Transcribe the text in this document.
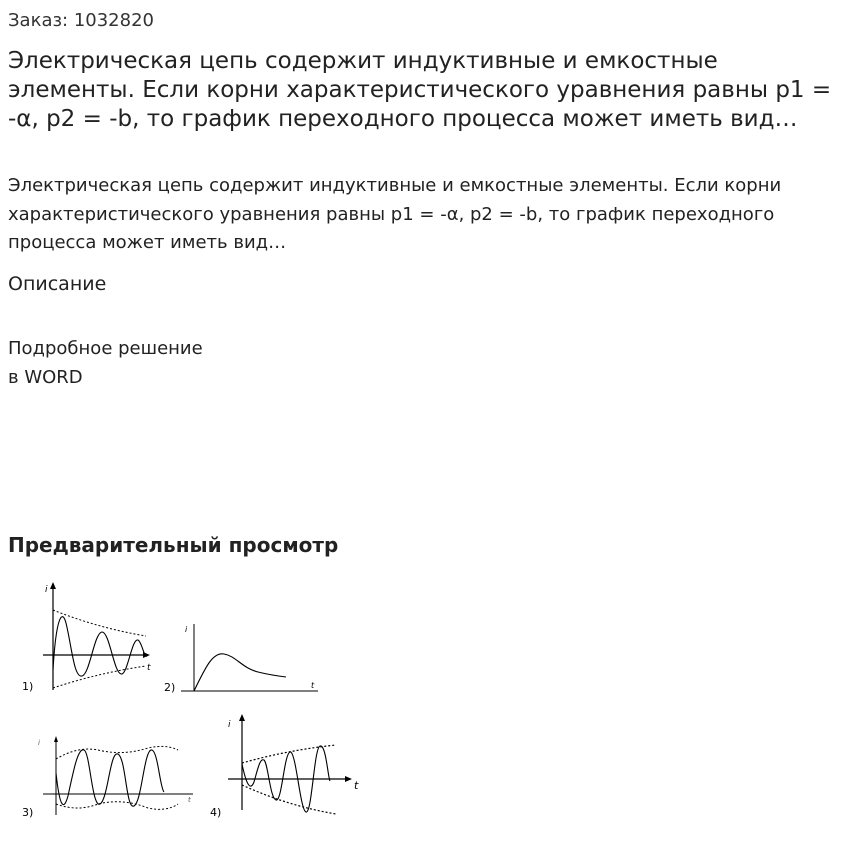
Заказ: 1032820
Электрическая цепь содержит индуктивные и емкостные элементы. Если корни характеристического уравнения равны p1 = -α, p2 = -b, то график переходного процесса может иметь вид…

Электрическая цепь содержит индуктивные и емкостные элементы. Если корни характеристического уравнения равны p1 = -α, p2 = -b, то график переходного процесса может иметь вид…

Описание
Подробное решение
в WORD
Предварительный просмотр
i
t
1)
i
t
2)
i
t
3)
i
t
4)
